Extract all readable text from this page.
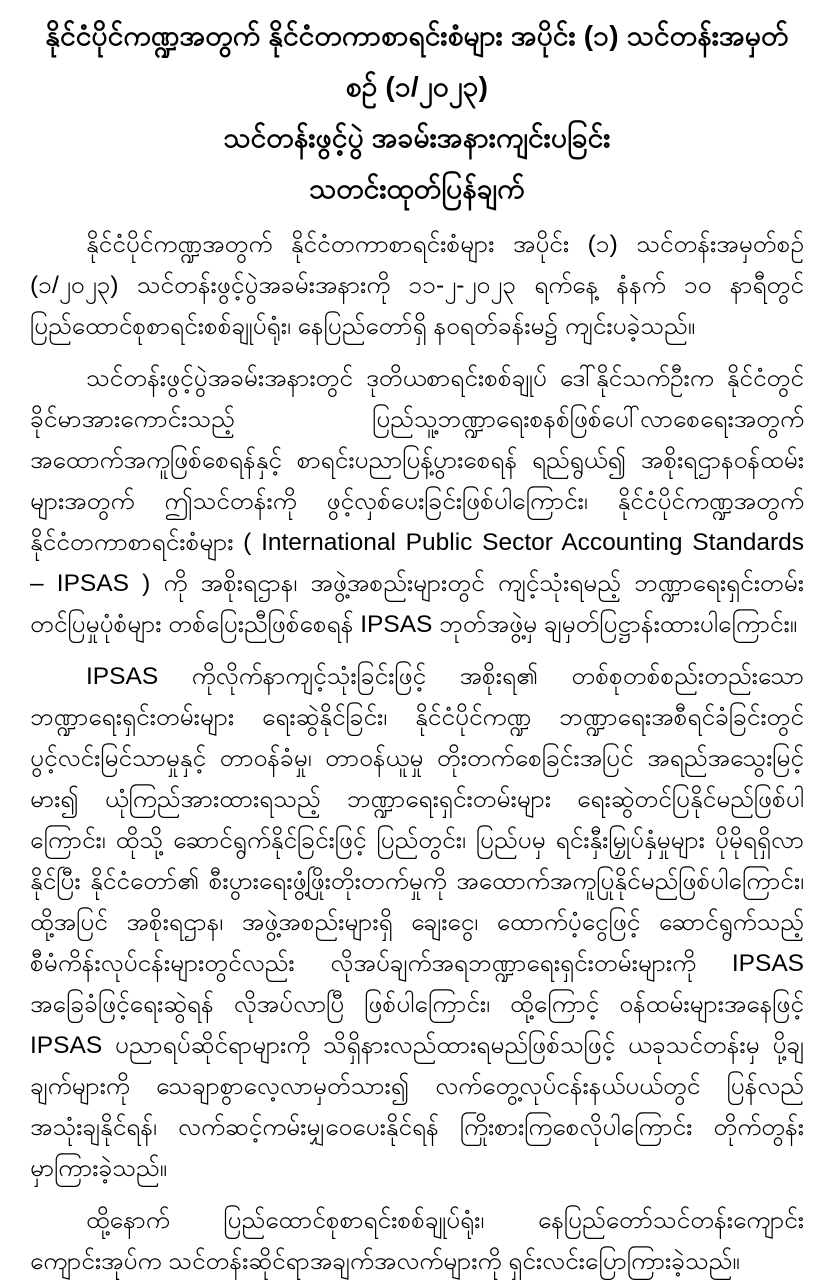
နိုင်ငံပိုင်ကဏ္ဍအတွက် နိုင်ငံတကာစာရင်းစံများ အပိုင်း (၁) သင်တန်းအမှတ်စဉ် (၁/၂၀၂၃)
သင်တန်းဖွင့်ပွဲ အခမ်းအနားကျင်းပခြင်း
သတင်းထုတ်ပြန်ချက်

နိုင်ငံပိုင်ကဏ္ဍအတွက် နိုင်ငံတကာစာရင်းစံများ အပိုင်း (၁) သင်တန်းအမှတ်စဉ် (၁/၂၀၂၃) သင်တန်းဖွင့်ပွဲအခမ်းအနားကို ၁၁-၂-၂၀၂၃ ရက်နေ့ နံနက် ၁၀ နာရီတွင် ပြည်ထောင်စုစာရင်းစစ်ချုပ်ရုံး၊ နေပြည်တော်ရှိ နဝရတ်ခန်းမ၌ ကျင်းပခဲ့သည်။

သင်တန်းဖွင့်ပွဲအခမ်းအနားတွင် ဒုတိယစာရင်းစစ်ချုပ် ဒေါ်နိုင်သက်ဦးက နိုင်ငံတွင် ခိုင်မာအားကောင်းသည့် ပြည်သူ့ဘဏ္ဍာရေးစနစ်ဖြစ်ပေါ်လာစေရေးအတွက် အထောက်အကူဖြစ်စေရန်နှင့် စာရင်းပညာပြန့်ပွားစေရန် ရည်ရွယ်၍ အစိုးရဌာနဝန်ထမ်းများအတွက် ဤသင်တန်းကို ဖွင့်လှစ်ပေးခြင်းဖြစ်ပါကြောင်း၊ နိုင်ငံပိုင်ကဏ္ဍအတွက် နိုင်ငံတကာစာရင်းစံများ ( International Public Sector Accounting Standards – IPSAS ) ကို အစိုးရဌာန၊ အဖွဲ့အစည်းများတွင် ကျင့်သုံးရမည့် ဘဏ္ဍာရေးရှင်းတမ်းတင်ပြမှုပုံစံများ တစ်ပြေးညီဖြစ်စေရန် IPSAS ဘုတ်အဖွဲ့မှ ချမှတ်ပြဋ္ဌာန်းထားပါကြောင်း။

IPSAS ကိုလိုက်နာကျင့်သုံးခြင်းဖြင့် အစိုးရ၏ တစ်စုတစ်စည်းတည်းသော ဘဏ္ဍာရေးရှင်းတမ်းများ ရေးဆွဲနိုင်ခြင်း၊ နိုင်ငံပိုင်ကဏ္ဍ ဘဏ္ဍာရေးအစီရင်ခံခြင်းတွင် ပွင့်လင်းမြင်သာမှုနှင့် တာဝန်ခံမှု၊ တာဝန်ယူမှု တိုးတက်စေခြင်းအပြင် အရည်အသွေးမြင့်မား၍ ယုံကြည်အားထားရသည့် ဘဏ္ဍာရေးရှင်းတမ်းများ ရေးဆွဲတင်ပြနိုင်မည်ဖြစ်ပါကြောင်း၊ ထိုသို့ ဆောင်ရွက်နိုင်ခြင်းဖြင့် ပြည်တွင်း၊ ပြည်ပမှ ရင်းနှီးမြှုပ်နှံမှုများ ပိုမိုရရှိလာနိုင်ပြီး နိုင်ငံတော်၏ စီးပွားရေးဖွံ့ဖြိုးတိုးတက်မှုကို အထောက်အကူပြုနိုင်မည်ဖြစ်ပါကြောင်း၊ ထို့အပြင် အစိုးရဌာန၊ အဖွဲ့အစည်းများရှိ ချေးငွေ၊ ထောက်ပံ့ငွေဖြင့် ဆောင်ရွက်သည့် စီမံကိန်းလုပ်ငန်းများတွင်လည်း လိုအပ်ချက်အရဘဏ္ဍာရေးရှင်းတမ်းများကို IPSAS အခြေခံဖြင့်ရေးဆွဲရန် လိုအပ်လာပြီ ဖြစ်ပါကြောင်း၊ ထို့ကြောင့် ဝန်ထမ်းများအနေဖြင့် IPSAS ပညာရပ်ဆိုင်ရာများကို သိရှိနားလည်ထားရမည်ဖြစ်သဖြင့် ယခုသင်တန်းမှ ပို့ချချက်များကို သေချာစွာလေ့လာမှတ်သား၍ လက်တွေ့လုပ်ငန်းနယ်ပယ်တွင် ပြန်လည်အသုံးချနိုင်ရန်၊ လက်ဆင့်ကမ်းမျှဝေပေးနိုင်ရန် ကြိုးစားကြစေလိုပါကြောင်း တိုက်တွန်းမှာကြားခဲ့သည်။

ထို့နောက် ပြည်ထောင်စုစာရင်းစစ်ချုပ်ရုံး၊ နေပြည်တော်သင်တန်းကျောင်း ကျောင်းအုပ်က သင်တန်းဆိုင်ရာအချက်အလက်များကို ရှင်းလင်းပြောကြားခဲ့သည်။
